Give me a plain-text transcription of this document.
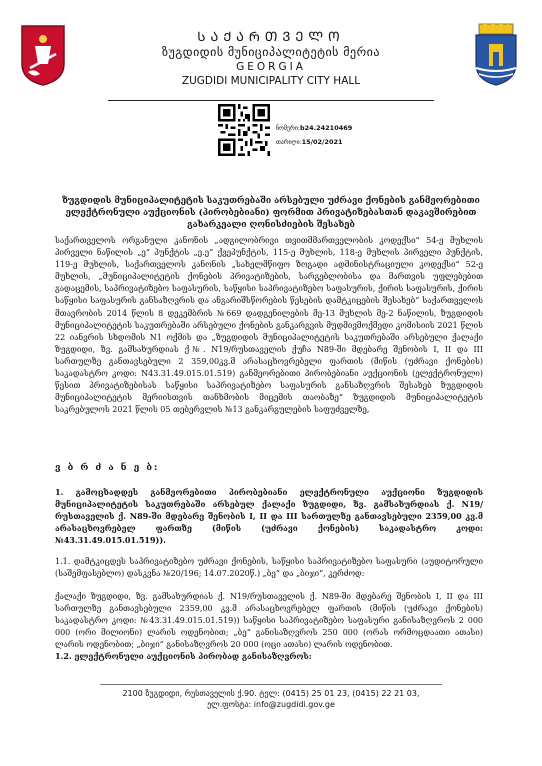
ᲡᲐᲥᲐᲠᲗᲕᲔᲚᲝ
ზუგდიდის მუნიციპალიტეტის მერია
GEORGIA
ZUGDIDI MUNICIPALITY CITY HALL
ნომერი:b24.24210469
თარიღი:15/02/2021
ზუგდიდის მუნიციპალიტეტის საკუთრებაში არსებული უძრავი ქონების განმეორებითი ელექტრონული აუქციონის (პირობებიანი) ფორმით პრივატიზებასთან დაკავშირებით გახარკეალი ღონისძიების შესახებ
საქართველოს ორგანული კანონის „ადგილობრივი თვითმმართველობის კოდექსი“ 54-ე მუხლის პირველი ნაწილის „ე“ პუნქტის „ე.ე“ ქვეპუნქტის, 115-ე მუხლის, 118-ე მუხლის პირველი პუნქტის, 119-ე მუხლის, საქართველოს კანონის „სახელმწიფო ზოგადი ადმინისტრაციული კოდექსი“ 52-ე მუხლის, „მუნიციპალიტეტის ქონების პრივატიზების, სარგებლობისა და მართვის უფლებებით გადაცემის, საპრივატიზებო საფასურის, საწყისი საპრივატიზებო საფასურის, ქირის საფასურის, ქირის საწყისი საფასურის განსაზღვრის და ანგარიშსწორების წესების დამტკიცების შესახებ“ საქართველოს მთავრობის 2014 წლის 8 დეკემბრის №669 დადგენილების მე-13 მუხლის მე-2 ნაწილის, ზუგდიდის მუნიციპალიტეტის საკუთრებაში არსებული ქონების განკარგვის მუდმივმოქმედი კომისიის 2021 წლის 22 იანვრის სხდომის N1 ოქმის და „ზუგდიდის მუნიციპალიტეტის საკუთრებაში არსებული ქალაქი ზუგდიდი, ზვ. გამსახურდიას ქ№. N19/რუსთაველის ქუჩა N89-ში მდებარე შენობის I, II და III სართულზე განთავსებული 2 359,00კვ.მ არასაცხოვრებელი ფართის (მიწის (უძრავი ქონების) საკადასტრო კოდი: N43.31.49.015.01.519) განმეორებითი პირობებიანი აუქციონის (ელექტრონული) წესით პრივატიზებისას საწყისი საპრივატიზებო საფასურის განსაზღვრის შესახებ ზუგდიდის მუნიციპალიტეტის მერიისთვის თანხმობის მიცემის თაობაზე“ ზუგდიდის მუნიციპალიტეტის საკრებულოს 2021 წლის 05 თებერვლის №13 განკარგულების საფუძველზე,
ვ ბ რ ძ ა ნ ე ბ:
1. გამოცხადდეს განმეორებითი პირობებიანი ელექტრონული აუქციონი ზუგდიდის მუნიციპალიტეტის საკუთრებაში არსებულ ქალაქი ზუგდიდი, ზვ. გამსახურდიას ქ. N19/ რუსთაველის ქ. N89-ში მდებარე შენობის I, II და III სართულზე განთავსებული 2359,00 კვ.მ არასაცხოვრებელ ფართზე (მიწის (უძრავი ქონების) საკადასტრო კოდი: №43.31.49.015.01.519)).
1.1. დამტკიცდეს საპრივატიზებო უძრავი ქონების, საწყისი საპრივატიზებო საფასური (აუდიტორული (საშემფასებლო) დასკვნა №20/196; 14.07.2020წ.) „ბე“ და „ბიჯი“, კერძოდ:
ქალაქი ზუგდიდი, ზვ. გამსახურდიას ქ. N19/რუსთაველის ქ. N89-ში მდებარე შენობის I, II და III სართულზე განთავსებული 2359,00 კვ.მ არასაცხოვრებელ ფართის (მიწის (უძრავი ქონების) საკადასტრო კოდი: №43.31.49.015.01.519)) საწყისი საპრივატიზებო საფასური განისაზღვროს 2 000 000 (ორი მილიონი) ლარის ოდენობით; „ბე“ განისაზღვროს 250 000 (ორას ორმოცდაათი ათასი) ლარის ოდენობით; „ბიჯი“ განისაზღვროს 20 000 (ოცი ათასი) ლარის ოდენობით.
1.2. ელექტრონული აუქციონის პირობად განისაზღვროს:
2100 ზუგდიდი, რუსთაველის ქ.90. ტელ: (0415) 25 01 23, (0415) 22 21 03,
ელ.ფოსტა: info@zugdidi.gov.ge
